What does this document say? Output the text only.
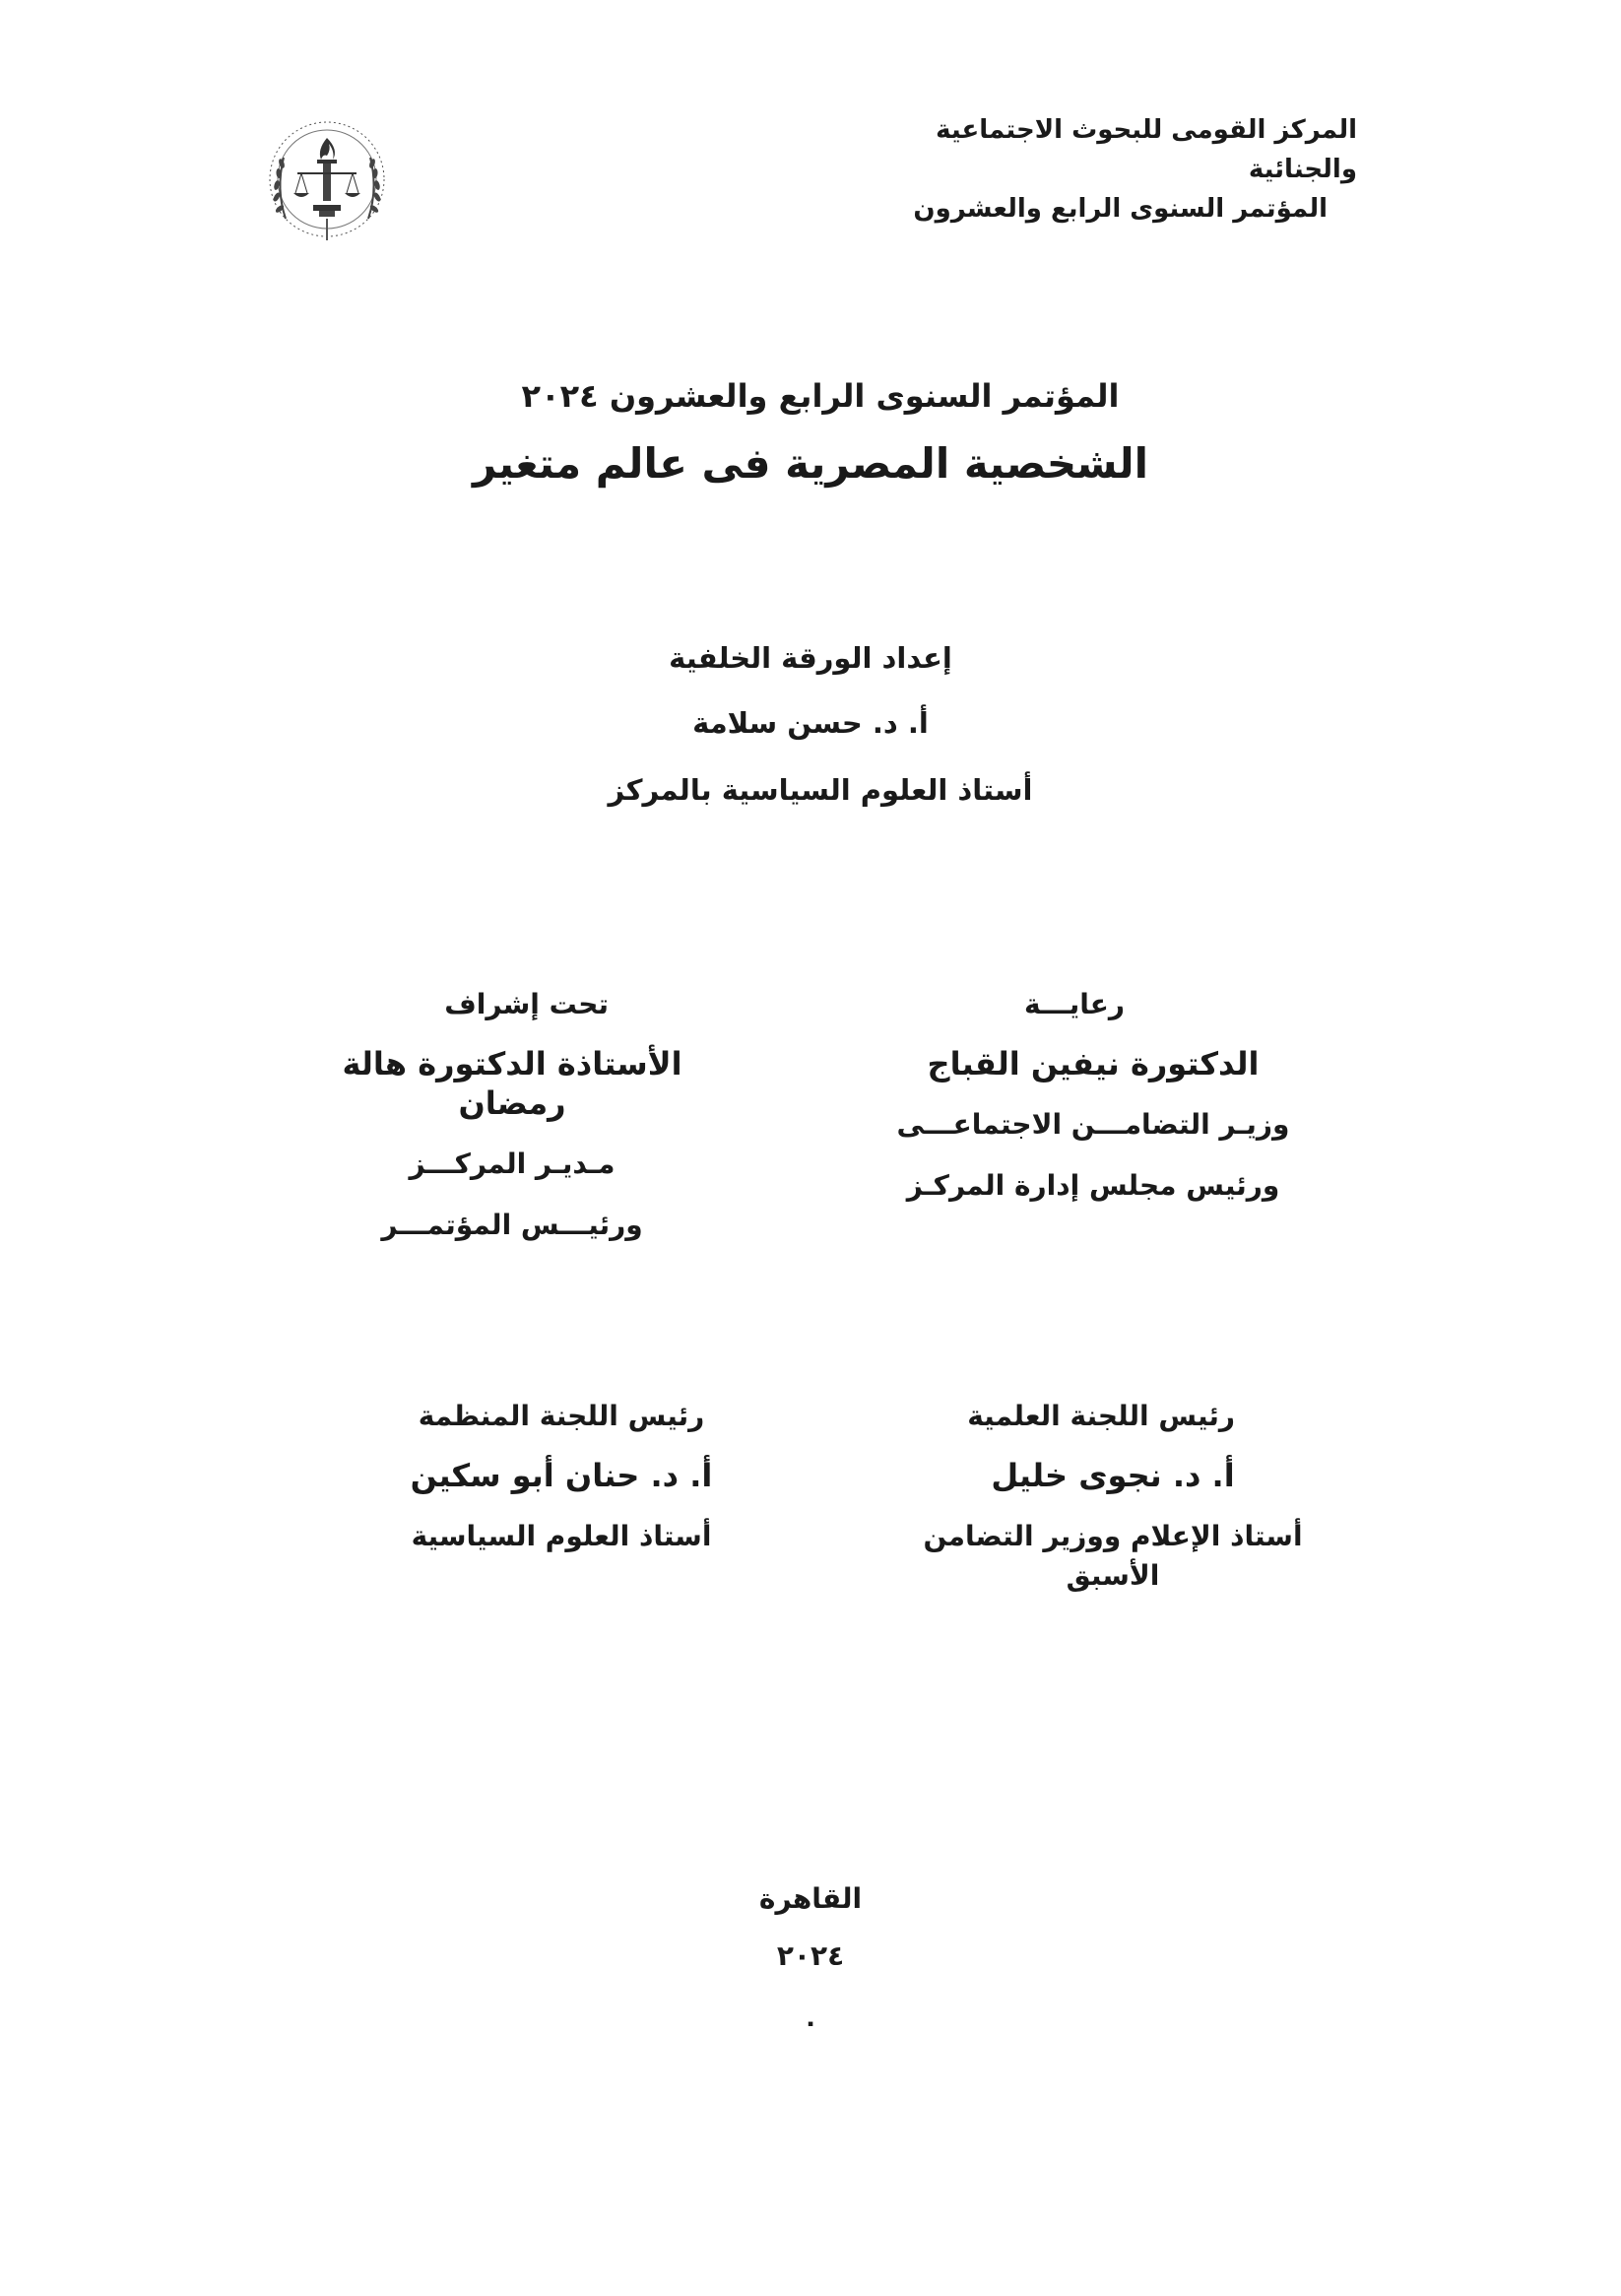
المركز القومى للبحوث الاجتماعية والجنائية
المؤتمر السنوى الرابع والعشرون
المؤتمر السنوى الرابع والعشرون ٢٠٢٤
الشخصية المصرية فى عالم متغير
إعداد الورقة الخلفية
أ. د. حسن سلامة
أستاذ العلوم السياسية بالمركز
رعايـــة
الدكتورة نيفين القباج
وزيـر التضامـــن الاجتماعـــى
ورئيس مجلس إدارة المركـز
تحت إشراف
الأستاذة الدكتورة هالة رمضان
مـديـر المركـــز
ورئيـــس المؤتمـــر
رئيس اللجنة العلمية
أ. د. نجوى خليل
أستاذ الإعلام ووزير التضامن الأسبق
رئيس اللجنة المنظمة
أ. د. حنان أبو سكين
أستاذ العلوم السياسية
القاهرة
٢٠٢٤
٠
